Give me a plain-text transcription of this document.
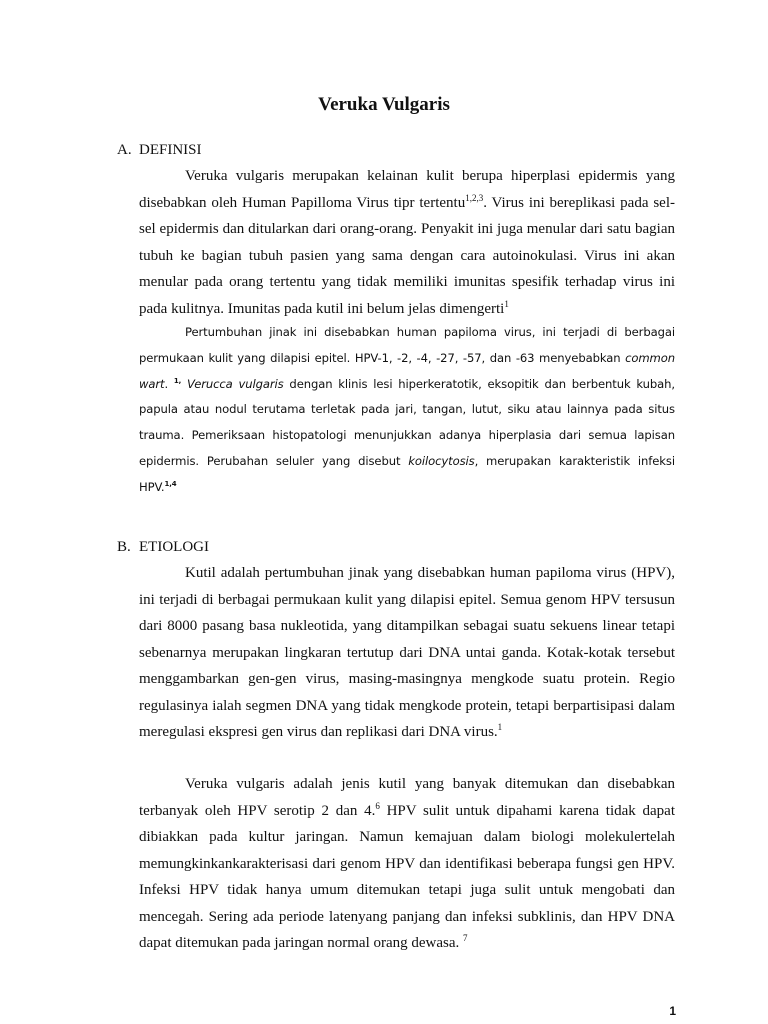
Veruka Vulgaris
A. DEFINISI

Veruka vulgaris merupakan kelainan kulit berupa hiperplasi epidermis yang disebabkan oleh Human Papilloma Virus tipr tertentu$^{1,2,3}$. Virus ini bereplikasi pada sel-sel epidermis dan ditularkan dari orang-orang. Penyakit ini juga menular dari satu bagian tubuh ke bagian tubuh pasien yang sama dengan cara autoinokulasi. Virus ini akan menular pada orang tertentu yang tidak memiliki imunitas spesifik terhadap virus ini pada kulitnya. Imunitas pada kutil ini belum jelas dimengerti$^1$

Pertumbuhan jinak ini disebabkan human papiloma virus, ini terjadi di berbagai permukaan kulit yang dilapisi epitel. HPV-1, -2, -4, -27, -57, dan -63 menyebabkan common wart. $^{1,}$ Verucca vulgaris dengan klinis lesi hiperkeratotik, eksopitik dan berbentuk kubah, papula atau nodul terutama terletak pada jari, tangan, lutut, siku atau lainnya pada situs trauma. Pemeriksaan histopatologi menunjukkan adanya hiperplasia dari semua lapisan epidermis. Perubahan seluler yang disebut koilocytosis, merupakan karakteristik infeksi HPV.$^{1,4}$

B. ETIOLOGI

Kutil adalah pertumbuhan jinak yang disebabkan human papiloma virus (HPV), ini terjadi di berbagai permukaan kulit yang dilapisi epitel. Semua genom HPV tersusun dari 8000 pasang basa nukleotida, yang ditampilkan sebagai suatu sekuens linear tetapi sebenarnya merupakan lingkaran tertutup dari DNA untai ganda. Kotak-kotak tersebut menggambarkan gen-gen virus, masing-masingnya mengkode suatu protein. Regio regulasinya ialah segmen DNA yang tidak mengkode protein, tetapi berpartisipasi dalam meregulasi ekspresi gen virus dan replikasi dari DNA virus.$^1$

Veruka vulgaris adalah jenis kutil yang banyak ditemukan dan disebabkan terbanyak oleh HPV serotip 2 dan 4.$^6$ HPV sulit untuk dipahami karena tidak dapat dibiakkan pada kultur jaringan. Namun kemajuan dalam biologi molekulertelah memungkinkankarakterisasi dari genom HPV dan identifikasi beberapa fungsi gen HPV. Infeksi HPV tidak hanya umum ditemukan tetapi juga sulit untuk mengobati dan mencegah. Sering ada periode latenyang panjang dan infeksi subklinis, dan HPV DNA dapat ditemukan pada jaringan normal orang dewasa. $^7$

1
